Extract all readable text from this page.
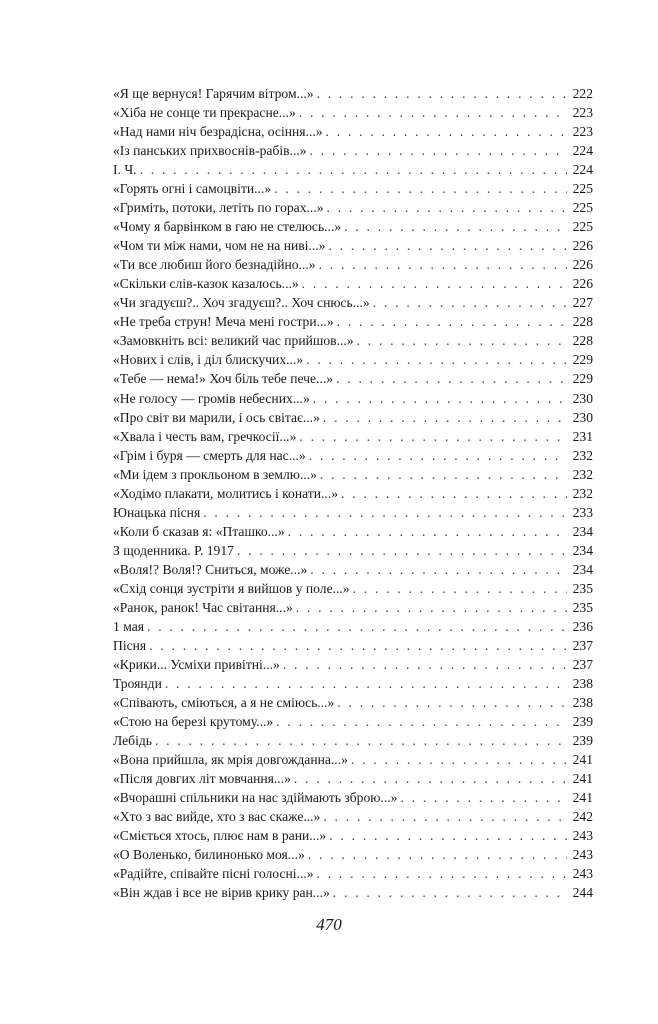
«Я ще вернуся! Гарячим вітром...» . . .	222
«Хіба не сонце ти прекрасне...» . . .	223
«Над нами ніч безрадісна, осіння...» . . .	223
«Із панських прихвоснів-рабів...» . . .	224
І. Ч. . . .	224
«Горять огні і самоцвіти...» . . .	225
«Гриміть, потоки, летіть по горах...» . . .	225
«Чому я барвінком в гаю не стелюсь...» . . .	225
«Чом ти між нами, чом не на ниві...» . . .	226
«Ти все любиш його безнадійно...» . . .	226
«Скільки слів-казок казалось...» . . .	226
«Чи згадуєш?.. Хоч згадуєш?.. Хоч снюсь...» . . .	227
«Не треба струн! Меча мені гостри...» . . .	228
«Замовкніть всі: великий час прийшов...» . . .	228
«Нових і слів, і діл блискучих...» . . .	229
«Тебе — нема!» Хоч біль тебе пече...» . . .	229
«Не голосу — громів небесних...» . . .	230
«Про світ ви марили, і ось світає...» . . .	230
«Хвала і честь вам, гречкосії...» . . .	231
«Грім і буря — смерть для нас...» . . .	232
«Ми ідем з прокльоном в землю...» . . .	232
«Ходімо плакати, молитись і конати...» . . .	232
Юнацька пісня . . .	233
«Коли б сказав я: «Пташко...» . . .	234
З щоденника. Р. 1917 . . .	234
«Воля!? Воля!? Сниться, може...» . . .	234
«Схід сонця зустріти я вийшов у поле...» . . .	235
«Ранок, ранок! Час світання...» . . .	235
1 мая . . .	236
Пісня . . .	237
«Крики... Усміхи привітні...» . . .	237
Троянди . . .	238
«Співають, сміються, а я не сміюсь...» . . .	238
«Стою на березі крутому...» . . .	239
Лебідь . . .	239
«Вона прийшла, як мрія довгожданна...» . . .	241
«Після довгих літ мовчання...» . . .	241
«Вчорашні спільники на нас здіймають зброю...» . . .	241
«Хто з вас вийде, хто з вас скаже...» . . .	242
«Сміється хтось, плює нам в рани...» . . .	243
«О Воленько, билинонько моя...» . . .	243
«Радійте, співайте пісні голосні...» . . .	243
«Він ждав і все не вірив крику ран...» . . .	244
470
